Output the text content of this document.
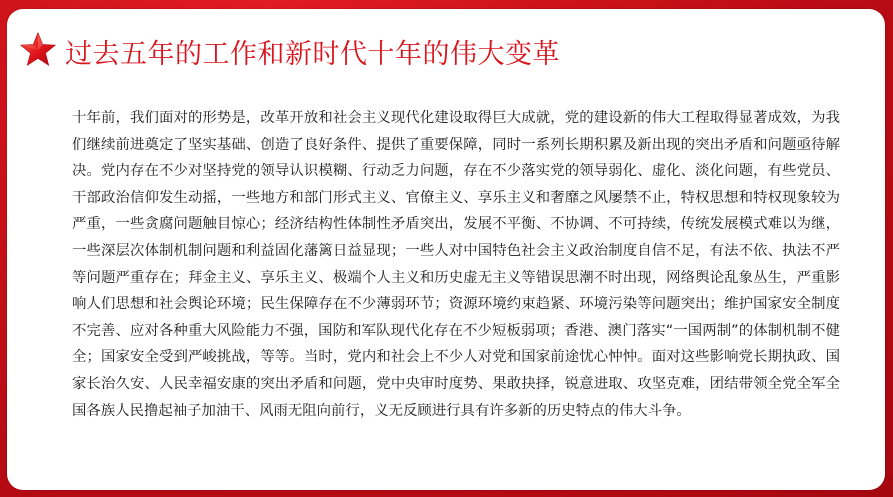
过去五年的工作和新时代十年的伟大变革

十年前，我们面对的形势是，改革开放和社会主义现代化建设取得巨大成就，党的建设新的伟大工程取得显著成效，为我们继续前进奠定了坚实基础、创造了良好条件、提供了重要保障，同时一系列长期积累及新出现的突出矛盾和问题亟待解决。党内存在不少对坚持党的领导认识模糊、行动乏力问题，存在不少落实党的领导弱化、虚化、淡化问题，有些党员、干部政治信仰发生动摇，一些地方和部门形式主义、官僚主义、享乐主义和奢靡之风屡禁不止，特权思想和特权现象较为严重，一些贪腐问题触目惊心；经济结构性体制性矛盾突出，发展不平衡、不协调、不可持续，传统发展模式难以为继，一些深层次体制机制问题和利益固化藩篱日益显现；一些人对中国特色社会主义政治制度自信不足，有法不依、执法不严等问题严重存在；拜金主义、享乐主义、极端个人主义和历史虚无主义等错误思潮不时出现，网络舆论乱象丛生，严重影响人们思想和社会舆论环境；民生保障存在不少薄弱环节；资源环境约束趋紧、环境污染等问题突出；维护国家安全制度不完善、应对各种重大风险能力不强，国防和军队现代化存在不少短板弱项；香港、澳门落实“一国两制”的体制机制不健全；国家安全受到严峻挑战，等等。当时，党内和社会上不少人对党和国家前途忧心忡忡。面对这些影响党长期执政、国家长治久安、人民幸福安康的突出矛盾和问题，党中央审时度势、果敢抉择，锐意进取、攻坚克难，团结带领全党全军全国各族人民撸起袖子加油干、风雨无阻向前行，义无反顾进行具有许多新的历史特点的伟大斗争。
